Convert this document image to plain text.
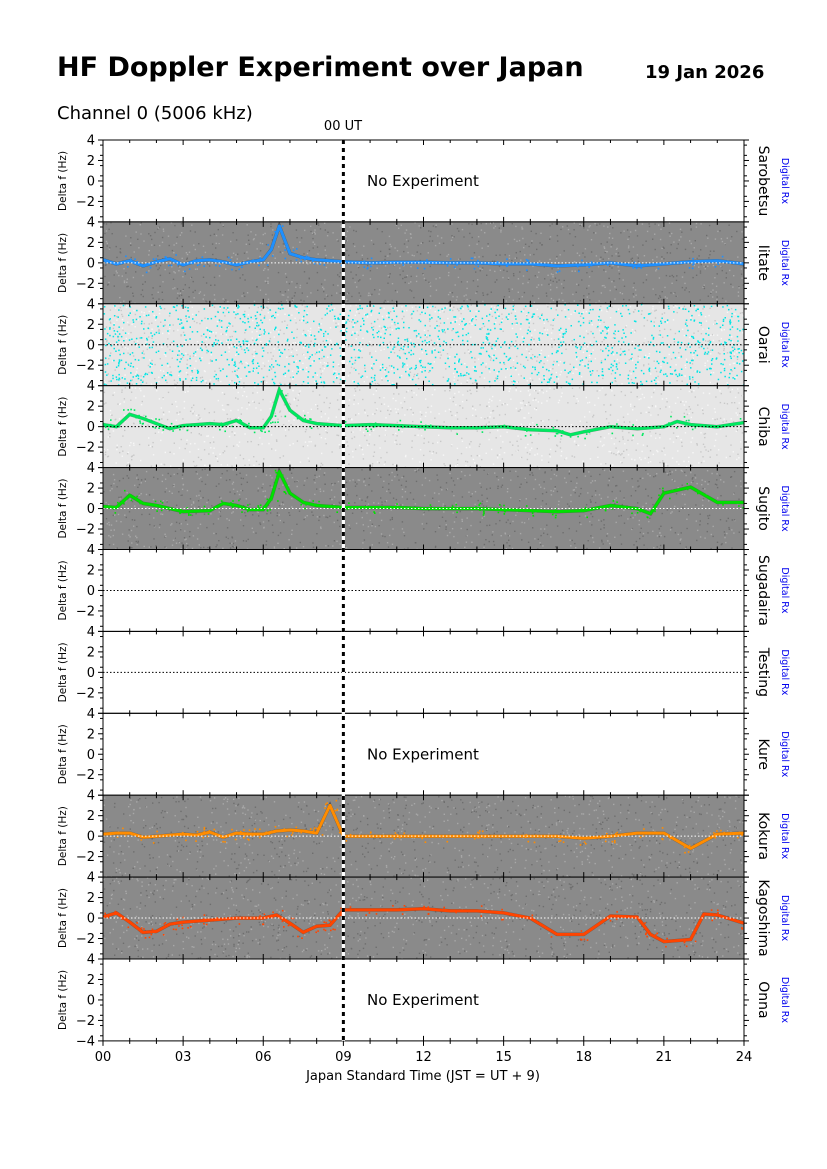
HF Doppler Experiment over Japan	19 Jan 2026
Channel 0 (5006 kHz)
00 UT
No Experiment
4
2
0
−2
Delta f (Hz)	Sarobetsu Digital Rx
4
2
0
−2
Delta f (Hz)	Iitate Digital Rx
4
2
0
−2
Delta f (Hz)	Oarai Digital Rx
4
2
0
−2
Delta f (Hz)	Chiba Digital Rx
4
2
0
−2
Delta f (Hz)	Sugito Digital Rx
4
2
0
−2
Delta f (Hz)	Sugadaira Digital Rx
4
2
0
−2
Delta f (Hz)	Testing Digital Rx
No Experiment
4
2
0
−2
Delta f (Hz)	Kure Digital Rx
4
2
0
−2
Delta f (Hz)	Kokura Digital Rx
4
2
0
−2
Delta f (Hz)	Kagoshima Digital Rx
No Experiment
4
2
0
−2
−4
Delta f (Hz)	Onna Digital Rx
00	03	06	09	12	15	18	21	24
Japan Standard Time (JST = UT + 9)
